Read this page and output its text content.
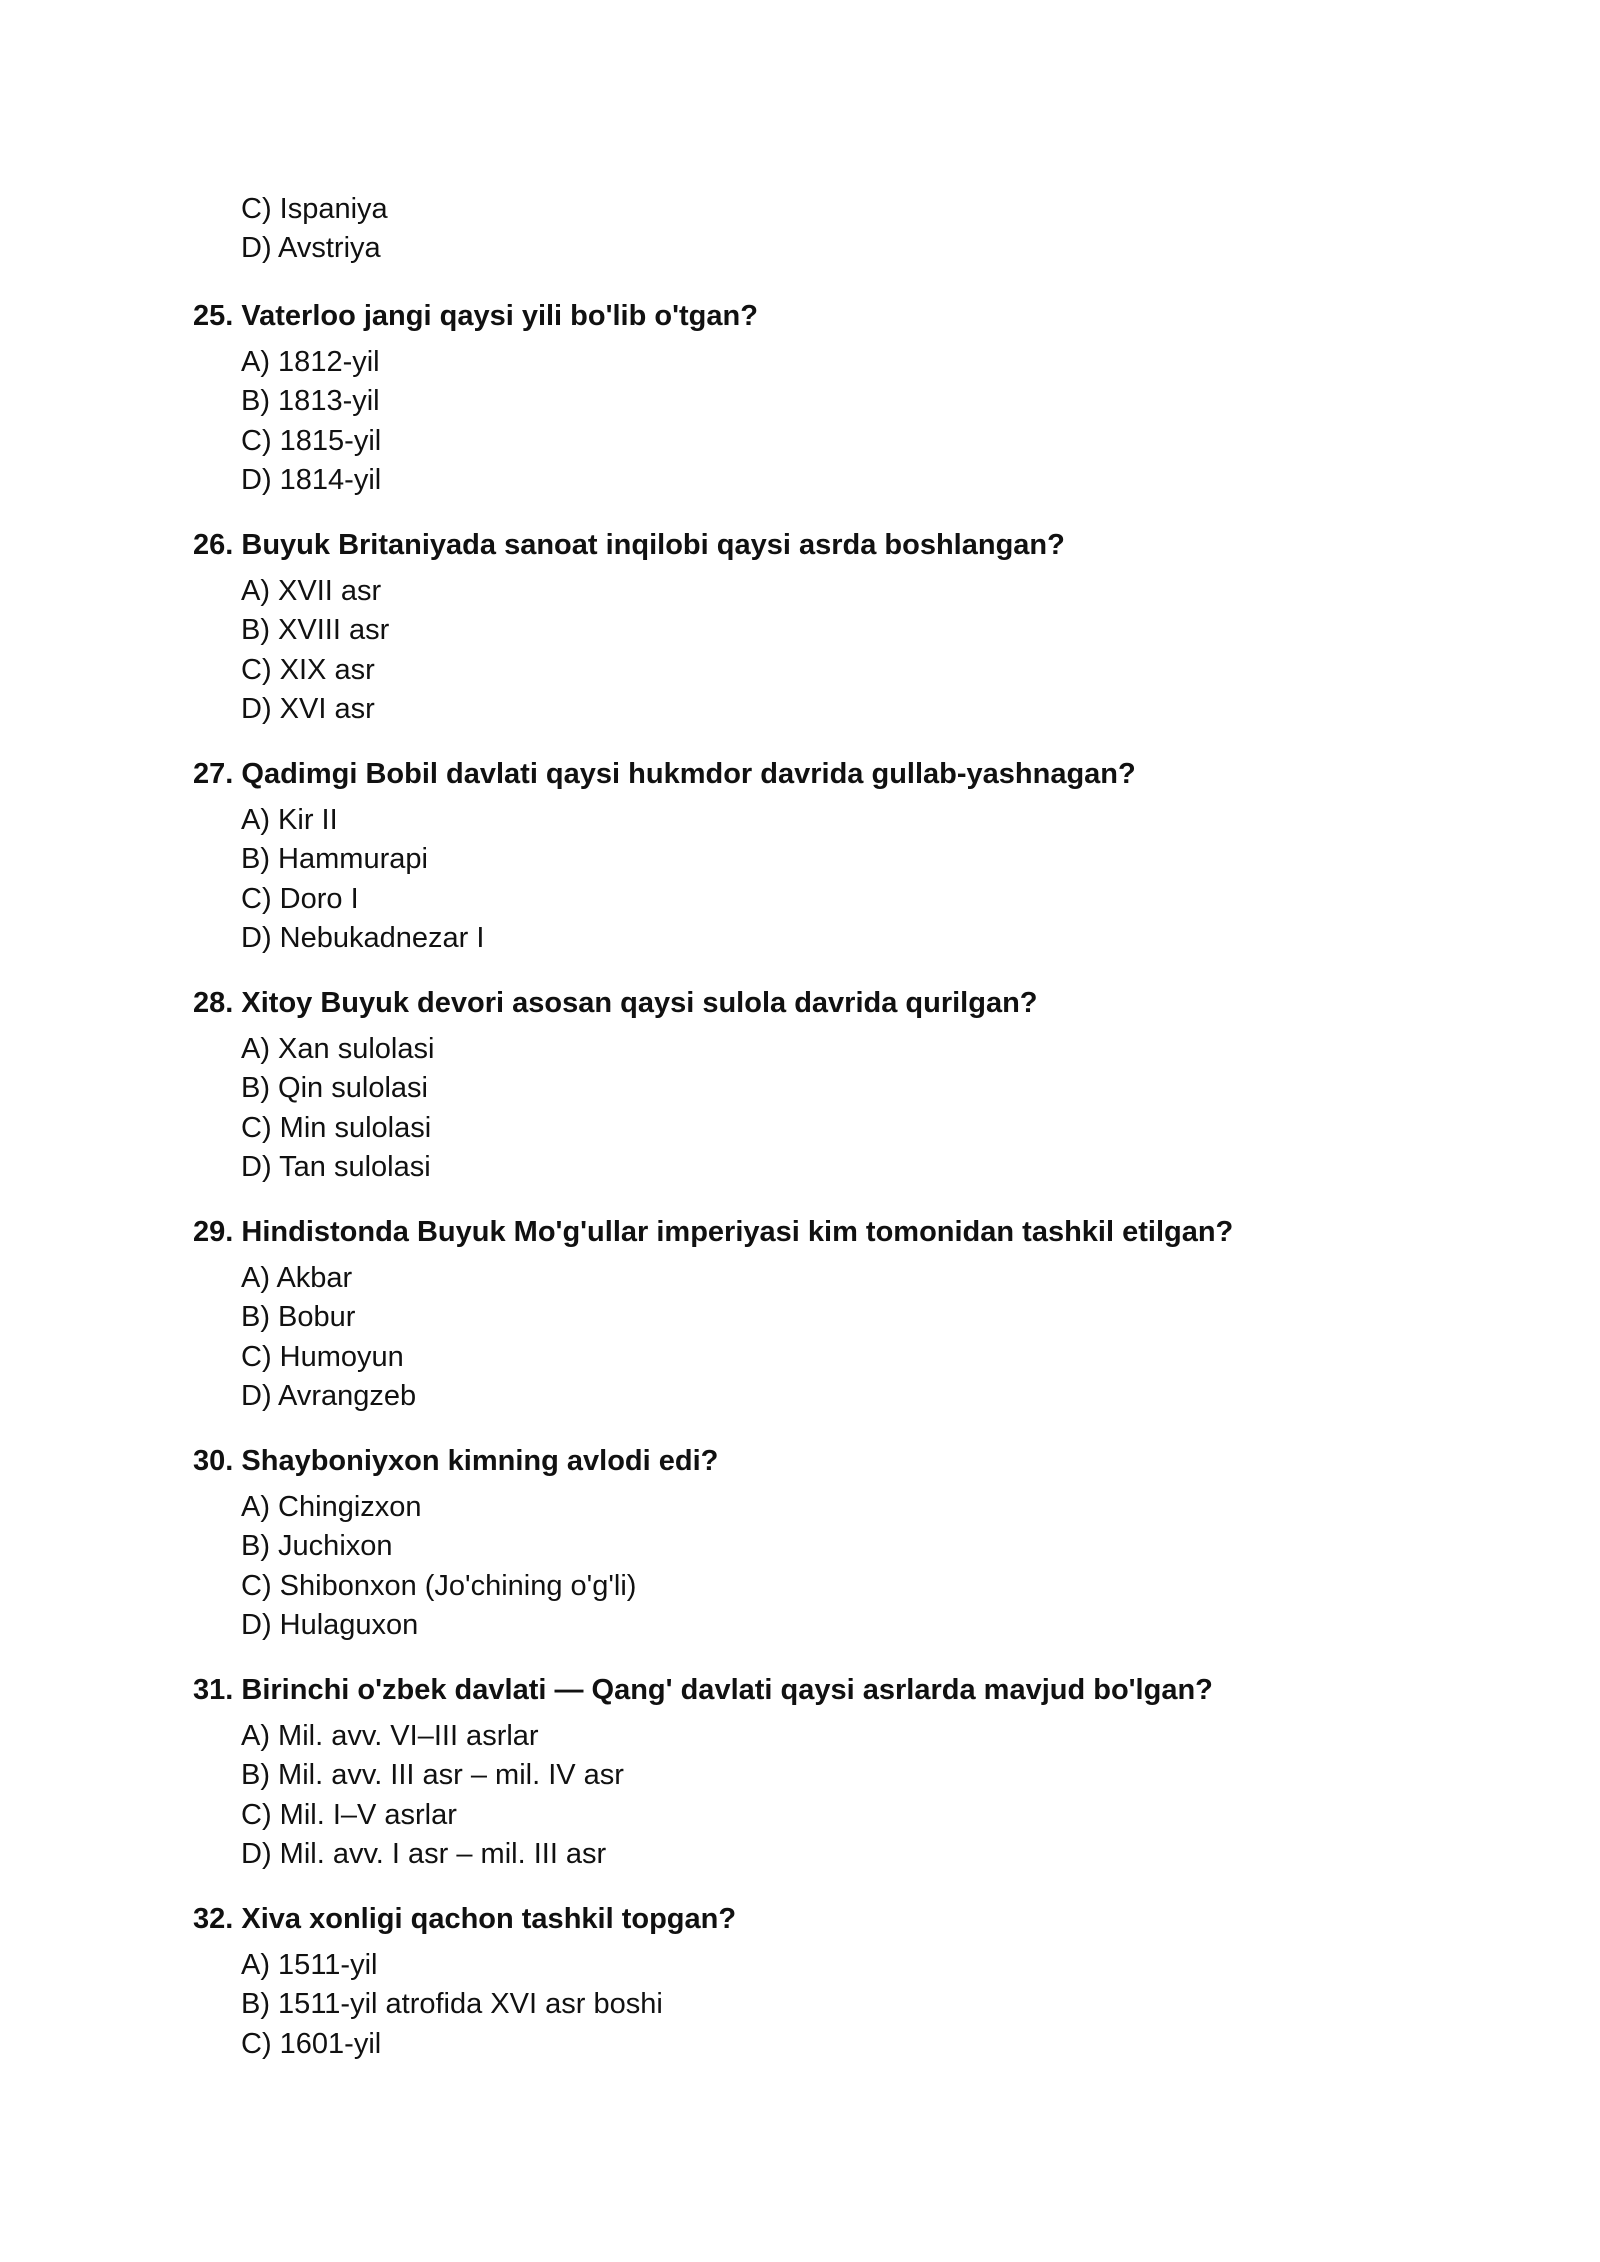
C) Ispaniya
D) Avstriya
25. Vaterloo jangi qaysi yili bo'lib o'tgan?
A) 1812-yil
B) 1813-yil
C) 1815-yil
D) 1814-yil
26. Buyuk Britaniyada sanoat inqilobi qaysi asrda boshlangan?
A) XVII asr
B) XVIII asr
C) XIX asr
D) XVI asr
27. Qadimgi Bobil davlati qaysi hukmdor davrida gullab-yashnagan?
A) Kir II
B) Hammurapi
C) Doro I
D) Nebukadnezar I
28. Xitoy Buyuk devori asosan qaysi sulola davrida qurilgan?
A) Xan sulolasi
B) Qin sulolasi
C) Min sulolasi
D) Tan sulolasi
29. Hindistonda Buyuk Mo'g'ullar imperiyasi kim tomonidan tashkil etilgan?
A) Akbar
B) Bobur
C) Humoyun
D) Avrangzeb
30. Shayboniyxon kimning avlodi edi?
A) Chingizxon
B) Juchixon
C) Shibonxon (Jo'chining o'g'li)
D) Hulaguxon
31. Birinchi o'zbek davlati — Qang' davlati qaysi asrlarda mavjud bo'lgan?
A) Mil. avv. VI–III asrlar
B) Mil. avv. III asr – mil. IV asr
C) Mil. I–V asrlar
D) Mil. avv. I asr – mil. III asr
32. Xiva xonligi qachon tashkil topgan?
A) 1511-yil
B) 1511-yil atrofida XVI asr boshi
C) 1601-yil
